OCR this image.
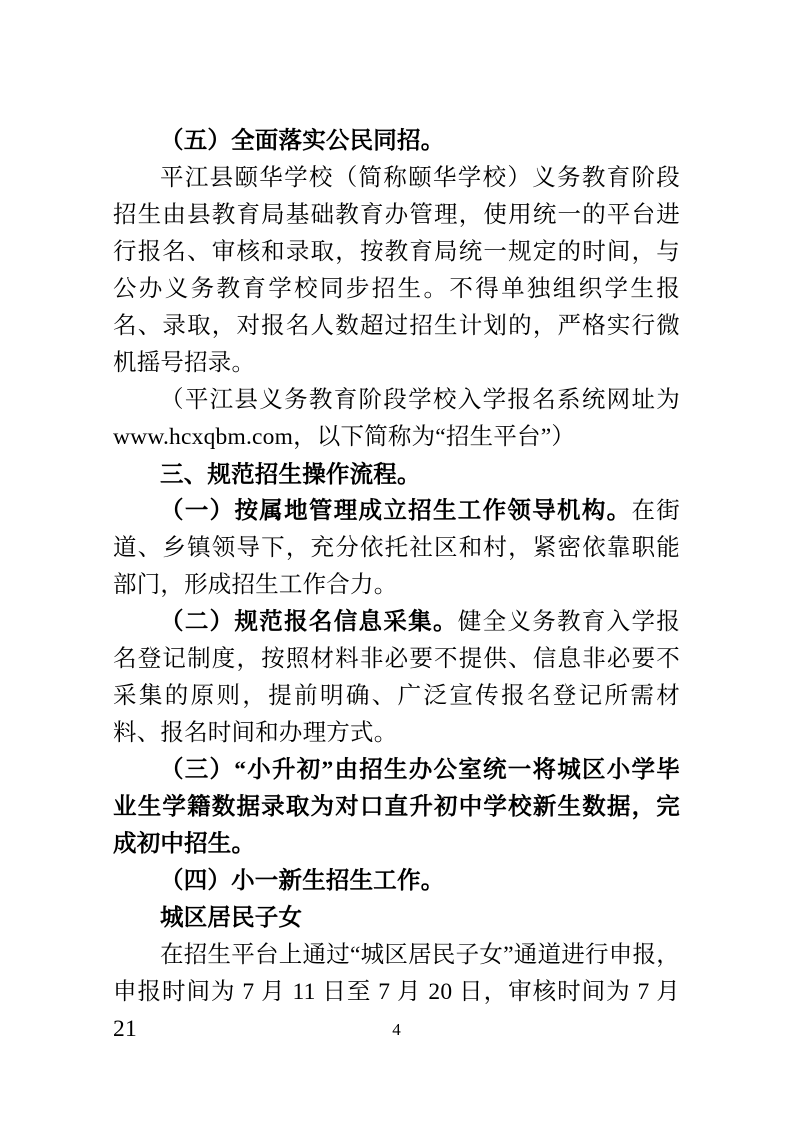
（五）全面落实公民同招。

平江县颐华学校（简称颐华学校）义务教育阶段招生由县教育局基础教育办管理，使用统一的平台进行报名、审核和录取，按教育局统一规定的时间，与公办义务教育学校同步招生。不得单独组织学生报名、录取，对报名人数超过招生计划的，严格实行微机摇号招录。

（平江县义务教育阶段学校入学报名系统网址为www.hcxqbm.com，以下简称为“招生平台”）

三、规范招生操作流程。

（一）按属地管理成立招生工作领导机构。在街道、乡镇领导下，充分依托社区和村，紧密依靠职能部门，形成招生工作合力。

（二）规范报名信息采集。健全义务教育入学报名登记制度，按照材料非必要不提供、信息非必要不采集的原则，提前明确、广泛宣传报名登记所需材料、报名时间和办理方式。

（三）“小升初”由招生办公室统一将城区小学毕业生学籍数据录取为对口直升初中学校新生数据，完成初中招生。

（四）小一新生招生工作。

城区居民子女

在招生平台上通过“城区居民子女”通道进行申报，申报时间为 7 月 11 日至 7 月 20 日，审核时间为 7 月 21	4
